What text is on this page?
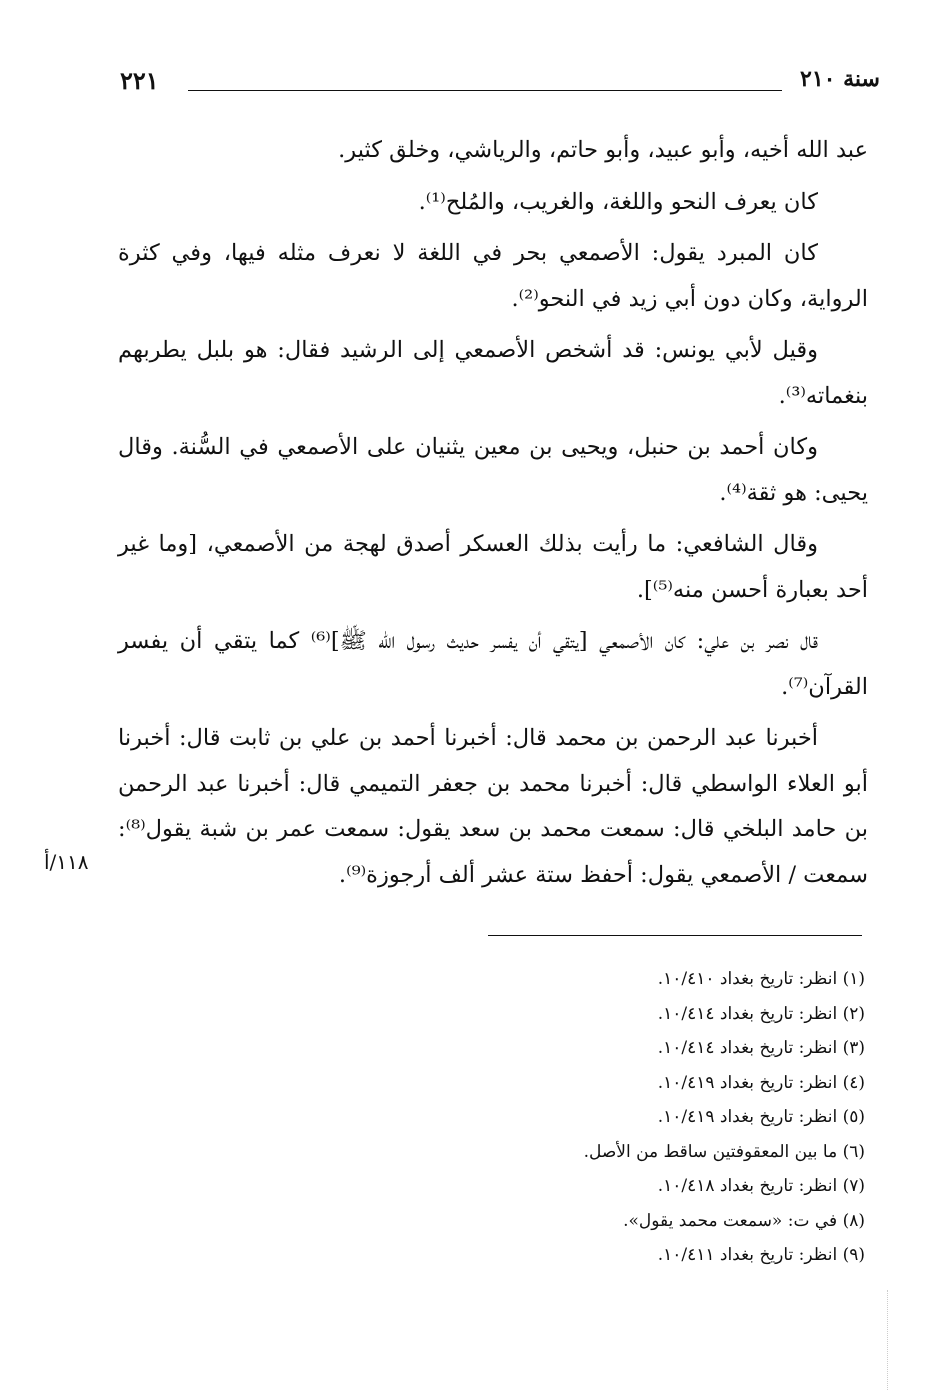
سنة ٢١٠
٢٢١

عبد الله أخيه، وأبو عبيد، وأبو حاتم، والرياشي، وخلق كثير.

كان يعرف النحو واللغة، والغريب، والمُلح⁽¹⁾.

كان المبرد يقول: الأصمعي بحر في اللغة لا نعرف مثله فيها، وفي كثرة الرواية، وكان دون أبي زيد في النحو⁽²⁾.

وقيل لأبي يونس: قد أشخص الأصمعي إلى الرشيد فقال: هو بلبل يطربهم بنغماته⁽³⁾.

وكان أحمد بن حنبل، ويحيى بن معين يثنيان على الأصمعي في السُّنة. وقال يحيى: هو ثقة⁽⁴⁾.

وقال الشافعي: ما رأيت بذلك العسكر أصدق لهجة من الأصمعي، [وما غير أحد بعبارة أحسن منه⁽⁵⁾].

قال نصر بن علي: كان الأصمعي [يتقي أن يفسر حديث رسول الله ﷺ]⁽⁶⁾ كما يتقي أن يفسر القرآن⁽⁷⁾.

أخبرنا عبد الرحمن بن محمد قال: أخبرنا أحمد بن علي بن ثابت قال: أخبرنا أبو العلاء الواسطي قال: أخبرنا محمد بن جعفر التميمي قال: أخبرنا عبد الرحمن بن حامد البلخي قال: سمعت محمد بن سعد يقول: سمعت عمر بن شبة يقول⁽⁸⁾: سمعت / الأصمعي يقول: أحفظ ستة عشر ألف أرجوزة⁽⁹⁾.

١١٨/أ
(١) انظر: تاريخ بغداد ١٠/٤١٠.
(٢) انظر: تاريخ بغداد ١٠/٤١٤.
(٣) انظر: تاريخ بغداد ١٠/٤١٤.
(٤) انظر: تاريخ بغداد ١٠/٤١٩.
(٥) انظر: تاريخ بغداد ١٠/٤١٩.
(٦) ما بين المعقوفتين ساقط من الأصل.
(٧) انظر: تاريخ بغداد ١٠/٤١٨.
(٨) في ت: «سمعت محمد يقول».
(٩) انظر: تاريخ بغداد ١٠/٤١١.
